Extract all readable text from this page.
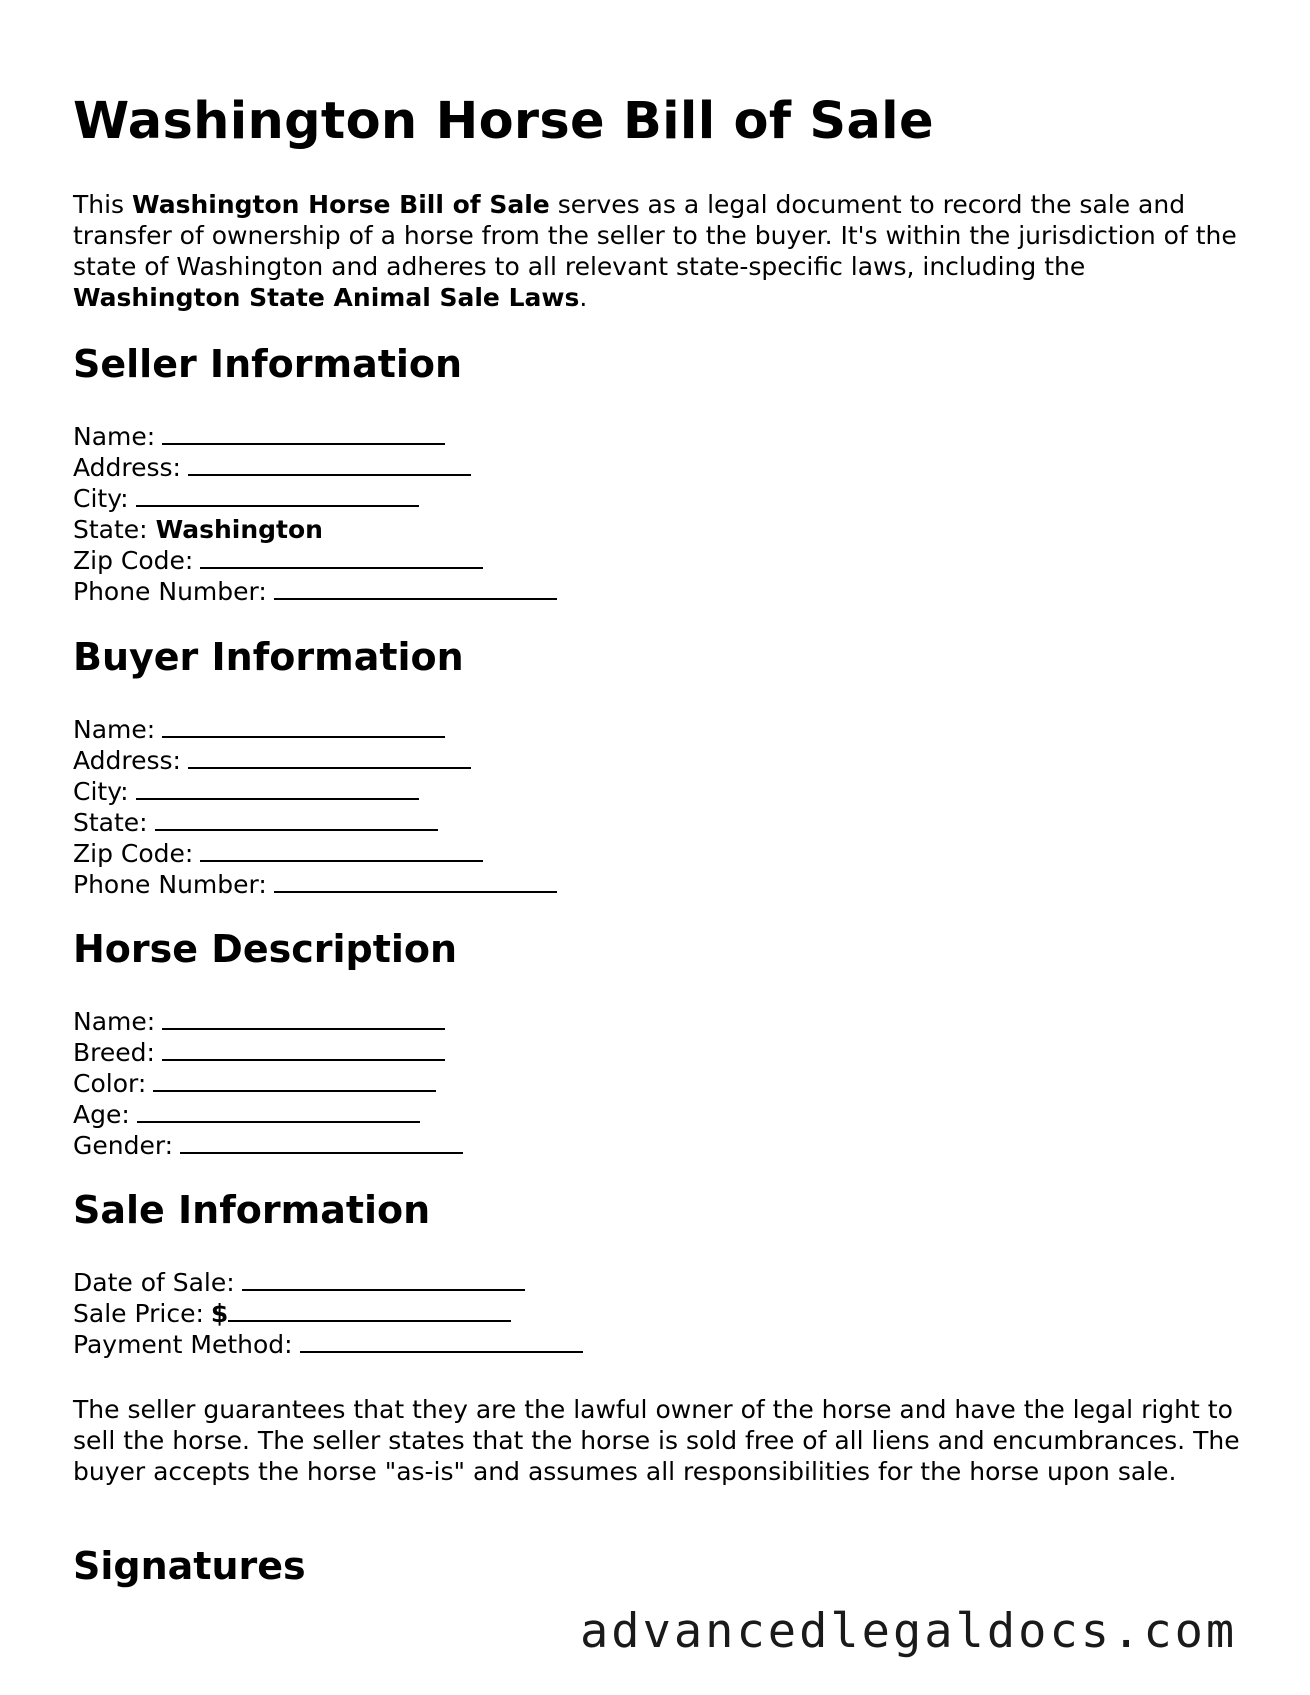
Washington Horse Bill of Sale

This Washington Horse Bill of Sale serves as a legal document to record the sale and transfer of ownership of a horse from the seller to the buyer. It's within the jurisdiction of the state of Washington and adheres to all relevant state-specific laws, including the Washington State Animal Sale Laws.

Seller Information
Name:
Address:
City:
State: Washington
Zip Code:
Phone Number:
Buyer Information
Name:
Address:
City:
State:
Zip Code:
Phone Number:
Horse Description
Name:
Breed:
Color:
Age:
Gender:
Sale Information
Date of Sale:
Sale Price: $
Payment Method:

The seller guarantees that they are the lawful owner of the horse and have the legal right to sell the horse. The seller states that the horse is sold free of all liens and encumbrances. The buyer accepts the horse "as-is" and assumes all responsibilities for the horse upon sale.

Signatures
advancedlegaldocs.com
